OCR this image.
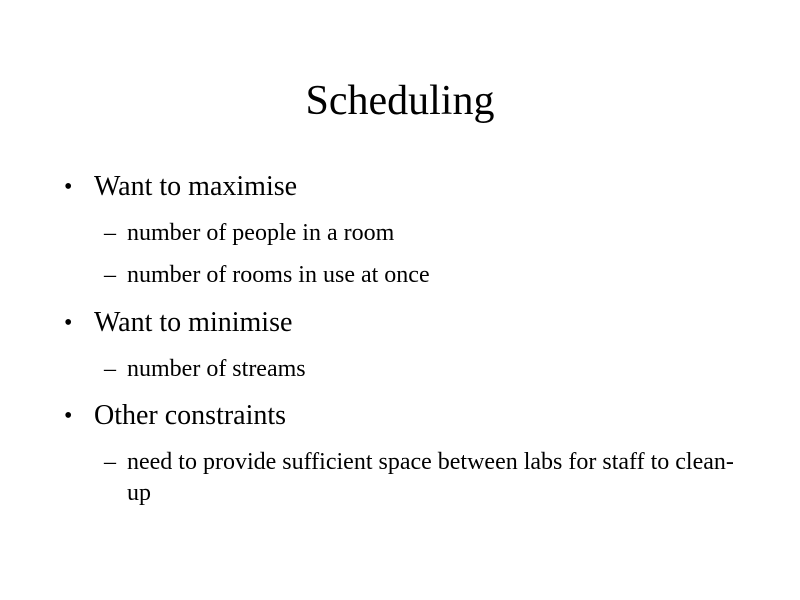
Scheduling
• Want to maximise
– number of people in a room
– number of rooms in use at once
• Want to minimise
– number of streams
• Other constraints
– need to provide sufficient space between labs for staff to clean-up
